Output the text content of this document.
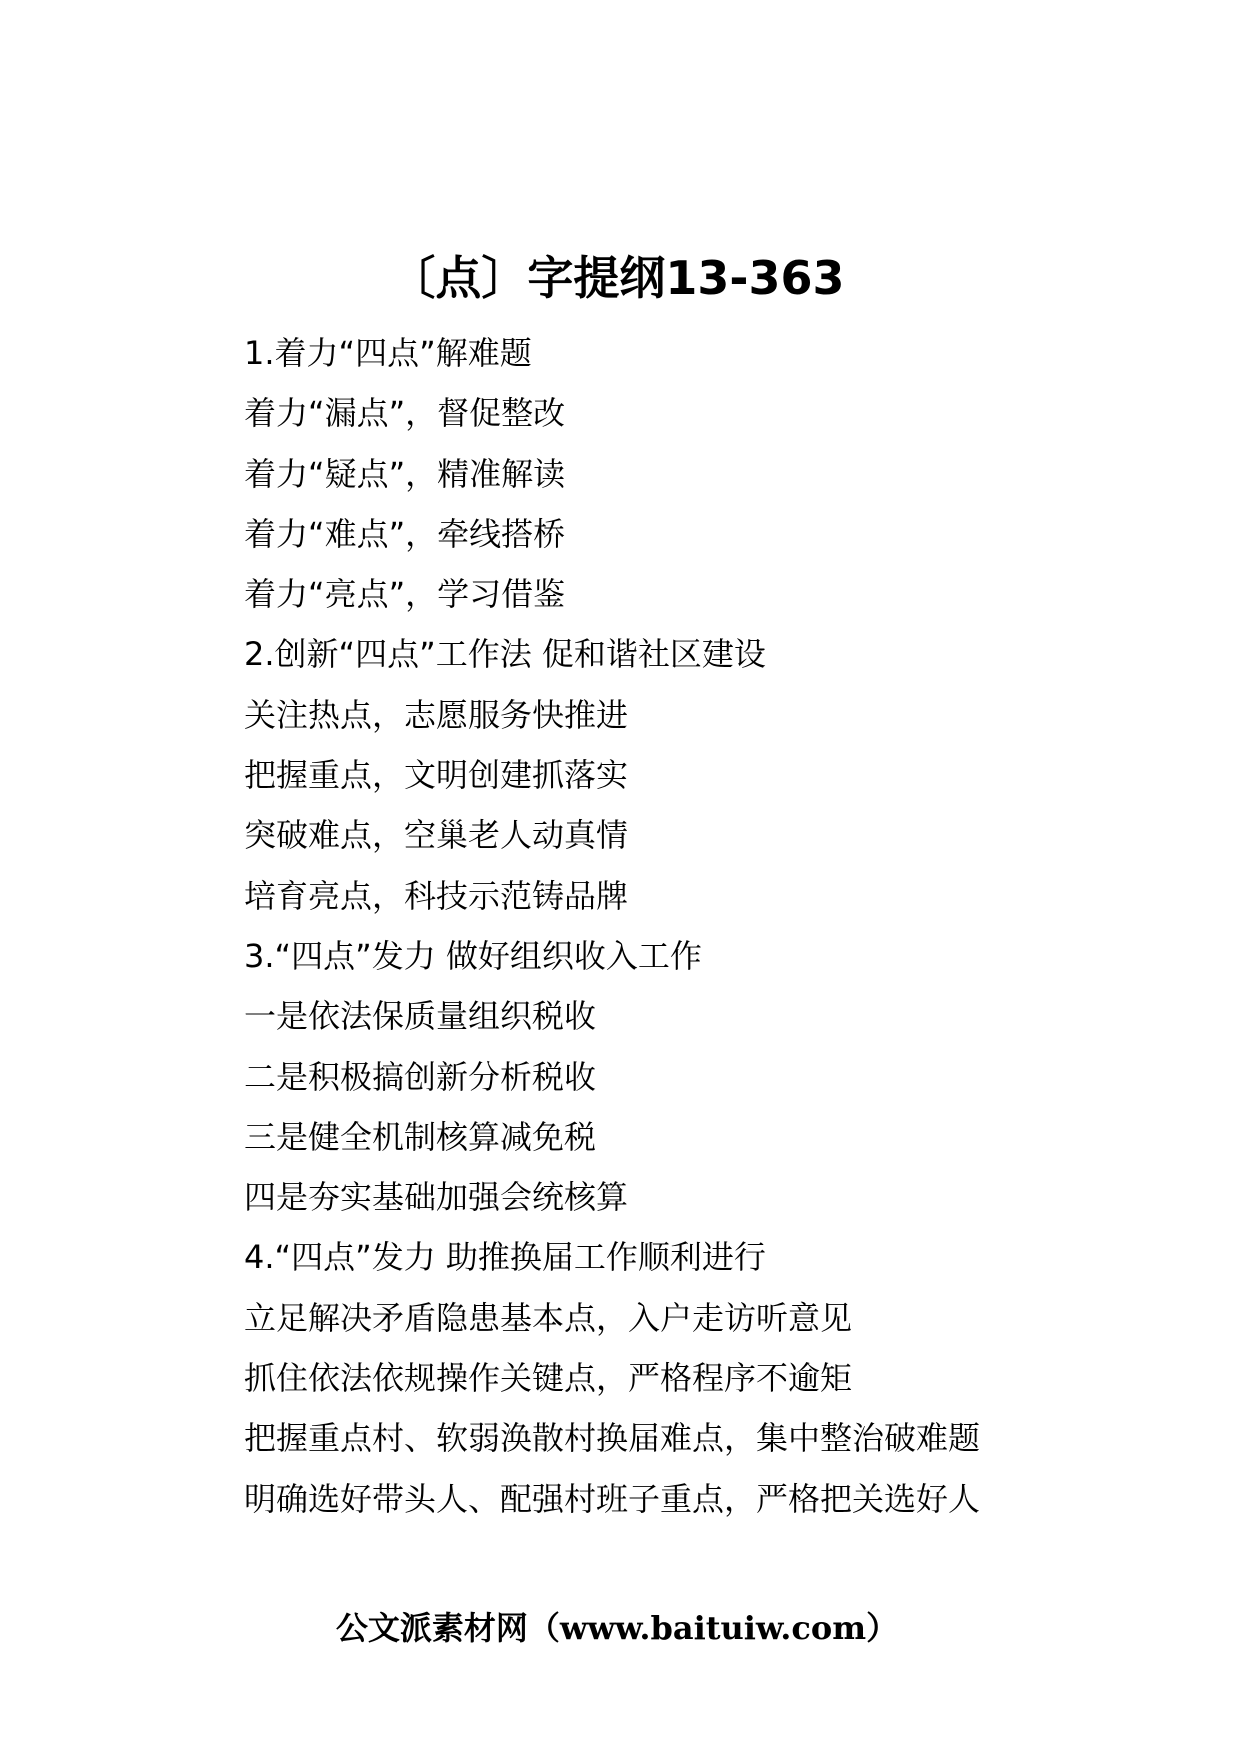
〔点〕字提纲13-363
1.着力“四点”解难题
着力“漏点”，督促整改
着力“疑点”，精准解读
着力“难点”，牵线搭桥
着力“亮点”，学习借鉴
2.创新“四点”工作法 促和谐社区建设
关注热点，志愿服务快推进
把握重点，文明创建抓落实
突破难点，空巢老人动真情
培育亮点，科技示范铸品牌
3.“四点”发力 做好组织收入工作
一是依法保质量组织税收
二是积极搞创新分析税收
三是健全机制核算减免税
四是夯实基础加强会统核算
4.“四点”发力 助推换届工作顺利进行
立足解决矛盾隐患基本点，入户走访听意见
抓住依法依规操作关键点，严格程序不逾矩
把握重点村、软弱涣散村换届难点，集中整治破难题
明确选好带头人、配强村班子重点，严格把关选好人
公文派素材网（www.baituiw.com）
